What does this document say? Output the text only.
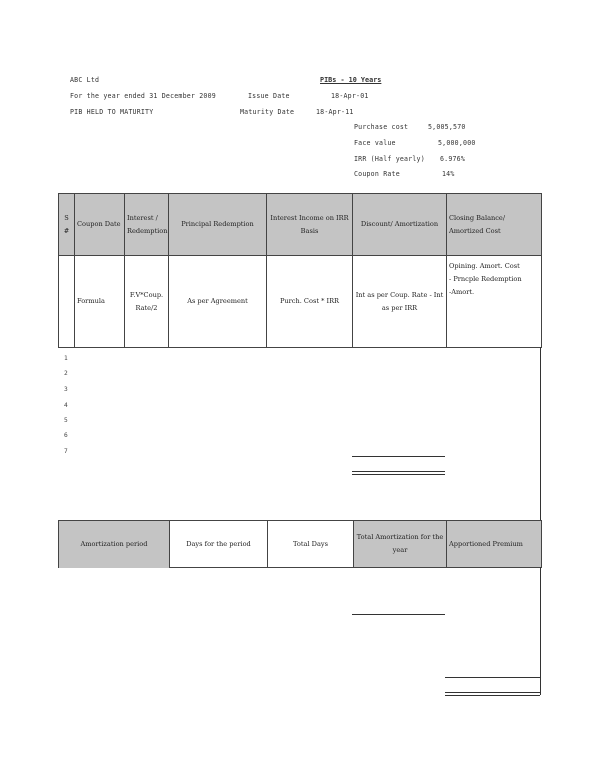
ABC Ltd	PIBs - 10 Years
For the year ended 31 December 2009	Issue Date	18-Apr-01
PIB HELD TO MATURITY	Maturity Date	18-Apr-11
Purchase cost	5,005,570
Face value	5,000,000
IRR (Half yearly) 6.976%
Coupon Rate	14%
S #	Coupon Date	Interest / Redemption	Principal Redemption	Interest Income on IRR Basis	Discount/ Amortization	Closing Balance/ Amortized Cost
	Formula	F.V*Coup. Rate/2	As per Agreement	Purch. Cost * IRR	Int as per Coup. Rate - Int as per IRR	Opining. Amort. Cost
- Prncple Redemption
-Amort.
1
2
3
4
5
6
7
Amortization period	Days for the period	Total Days	Total Amortization for the year	Apportioned Premium
